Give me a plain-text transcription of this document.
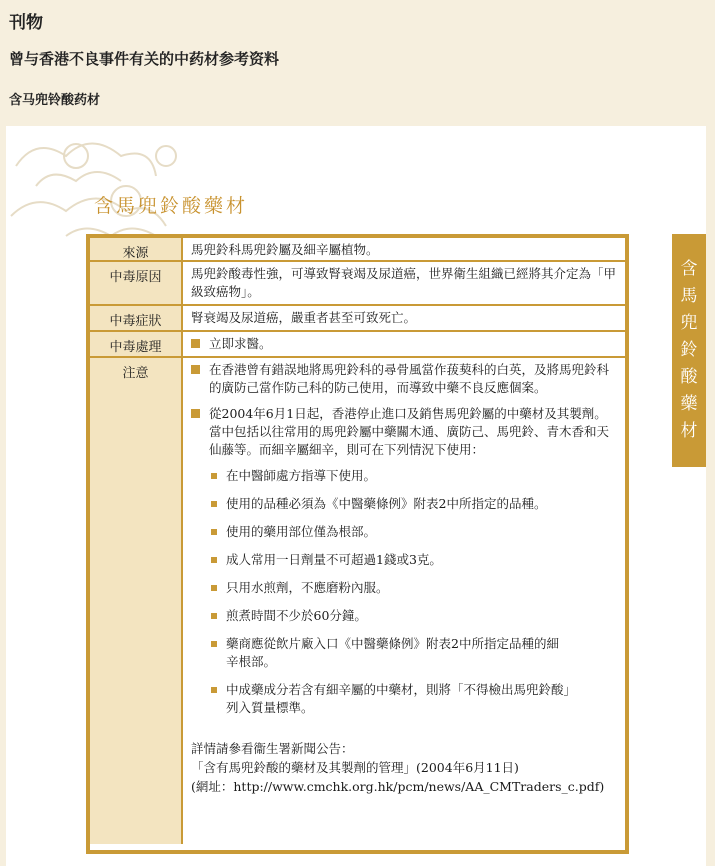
刊物
曾与香港不良事件有关的中药材参考资料
含马兜铃酸药材
含馬兜鈴酸藥材
來源	馬兜鈴科馬兜鈴屬及細辛屬植物。
中毒原因	馬兜鈴酸毒性強，可導致腎衰竭及尿道癌，世界衛生組織已經將其介定為「甲級致癌物」。
中毒症狀	腎衰竭及尿道癌，嚴重者甚至可致死亡。
中毒處理	立即求醫。
注意	在香港曾有錯誤地將馬兜鈴科的尋骨風當作菝葜科的白英，及將馬兜鈴科的廣防己當作防己科的防己使用，而導致中藥不良反應個案。
從2004年6月1日起，香港停止進口及銷售馬兜鈴屬的中藥材及其製劑。當中包括以往常用的馬兜鈴屬中藥關木通、廣防己、馬兜鈴、青木香和天仙藤等。而細辛屬細辛，則可在下列情況下使用：
在中醫師處方指導下使用。
使用的品種必須為《中醫藥條例》附表2中所指定的品種。
使用的藥用部位僅為根部。
成人常用一日劑量不可超過1錢或3克。
只用水煎劑，不應磨粉內服。
煎煮時間不少於60分鐘。
藥商應從飲片廠入口《中醫藥條例》附表2中所指定品種的細辛根部。
中成藥成分若含有細辛屬的中藥材，則將「不得檢出馬兜鈴酸」列入質量標準。
詳情請參看衞生署新聞公告：
「含有馬兜鈴酸的藥材及其製劑的管理」(2004年6月11日)
(網址：http://www.cmchk.org.hk/pcm/news/AA_CMTraders_c.pdf)
含
馬
兜
鈴
酸
藥
材
